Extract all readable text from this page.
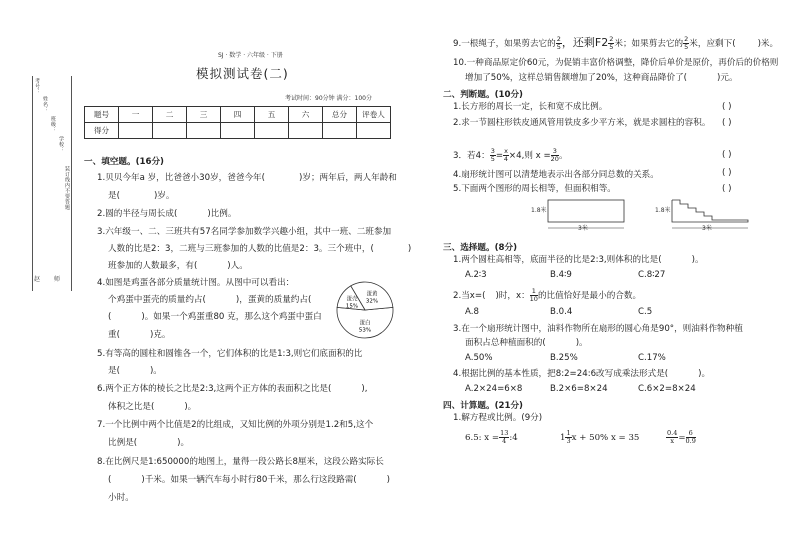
考号：
姓名：
班级：
学校：
装订线内不要答题
赵 师
SJ · 数学 · 六年级 · 下册
模拟测试卷(二)
考试时间：90分钟 满分：100分
题号	一	二	三	四	五	六	总分	评卷人
得分								
一、填空题。(16分)
1.贝贝今年a 岁，比爸爸小30岁，爸爸今年(	)岁；两年后，两人年龄和
是(	)岁。
2.圆的半径与周长成(	)比例。
3.六年级一、二、三班共有57名同学参加数学兴趣小组，其中一班、二班参加
人数的比是2：3，二班与三班参加的人数的比值是2：3。三个班中，(	)
班参加的人数最多，有(	)人。
4.如图是鸡蛋各部分质量统计图。从图中可以看出：
个鸡蛋中蛋壳的质量约占(	)，蛋黄的质量约占(
(	)。如果一个鸡蛋重80 克，那么这个鸡蛋中蛋白
重(	)克。
蛋白
53%
蛋黄
32%
蛋壳
15%
5.有等高的圆柱和圆锥各一个，它们体积的比是1:3,则它们底面积的比
是(	)。
6.两个正方体的棱长之比是2:3,这两个正方体的表面积之比是(	),
体积之比是(	)。
7.一个比例中两个比值是2的比组成，又知比例的外项分别是1.2和5,这个
比例是(	)。
8.在比例尺是1:650000的地图上，量得一段公路长8厘米，这段公路实际长
(	)千米。如果一辆汽车每小时行80千米，那么行这段路需(	)
小时。
9.一根绳子，如果剪去它的 $\frac{2}{5}$ ，还剩$F2 \frac{2}{5}$ 米；如果剪去它的 $\frac{2}{5}$ 米，应剩下(	)米。
10.一种商品原定价60元，为促销丰富价格调整，降价后单价是原价，再价后的价格则
增加了50%，这样总销售额增加了20%，这种商品降价了(	)元。
二、判断题。(10分)
1.长方形的周长一定，长和宽不成比例。	( )
2.求一节圆柱形铁皮通风管用铁皮多少平方米，就是求圆柱的容积。 ( )
3．若4： $\frac{3}{5} = \frac{x}{4} \times 4$,则 $x = \frac{3}{20}$ 。	( )
4.扇形统计图可以清楚地表示出各部分同总数的关系。	( )
5.下面两个图形的周长相等，但面积相等。	( )
1.8米
3米
1.8米
3米
三、选择题。(8分)
1.两个圆柱高相等，底面半径的比是2:3,则体积的比是(	)。
A.2∶3	B.4∶9	C.8∶27
2.当x=( )时，x： $\frac{1}{10}$ 的比值恰好是最小的合数。
A.8	B.0.4	C.5
3.在一个扇形统计图中，油料作物所在扇形的圆心角是90°，则油料作物种植
面积占总种植面积的(	)。
A.50%	B.25%	C.17%
4.根据比例的基本性质，把8:2=24:6改写成乘法形式是(	)。
A.2×24=6×8	B.2×6=8×24	C.6×2=8×24
四、计算题。(21分)
1.解方程或比例。(9分)
6.5: $x = \frac{13}{4}$ :4	$1 \frac{1}{3}$ x + 50% x = 35	$\frac{0.4}{x} = \frac{6}{0.9}$
